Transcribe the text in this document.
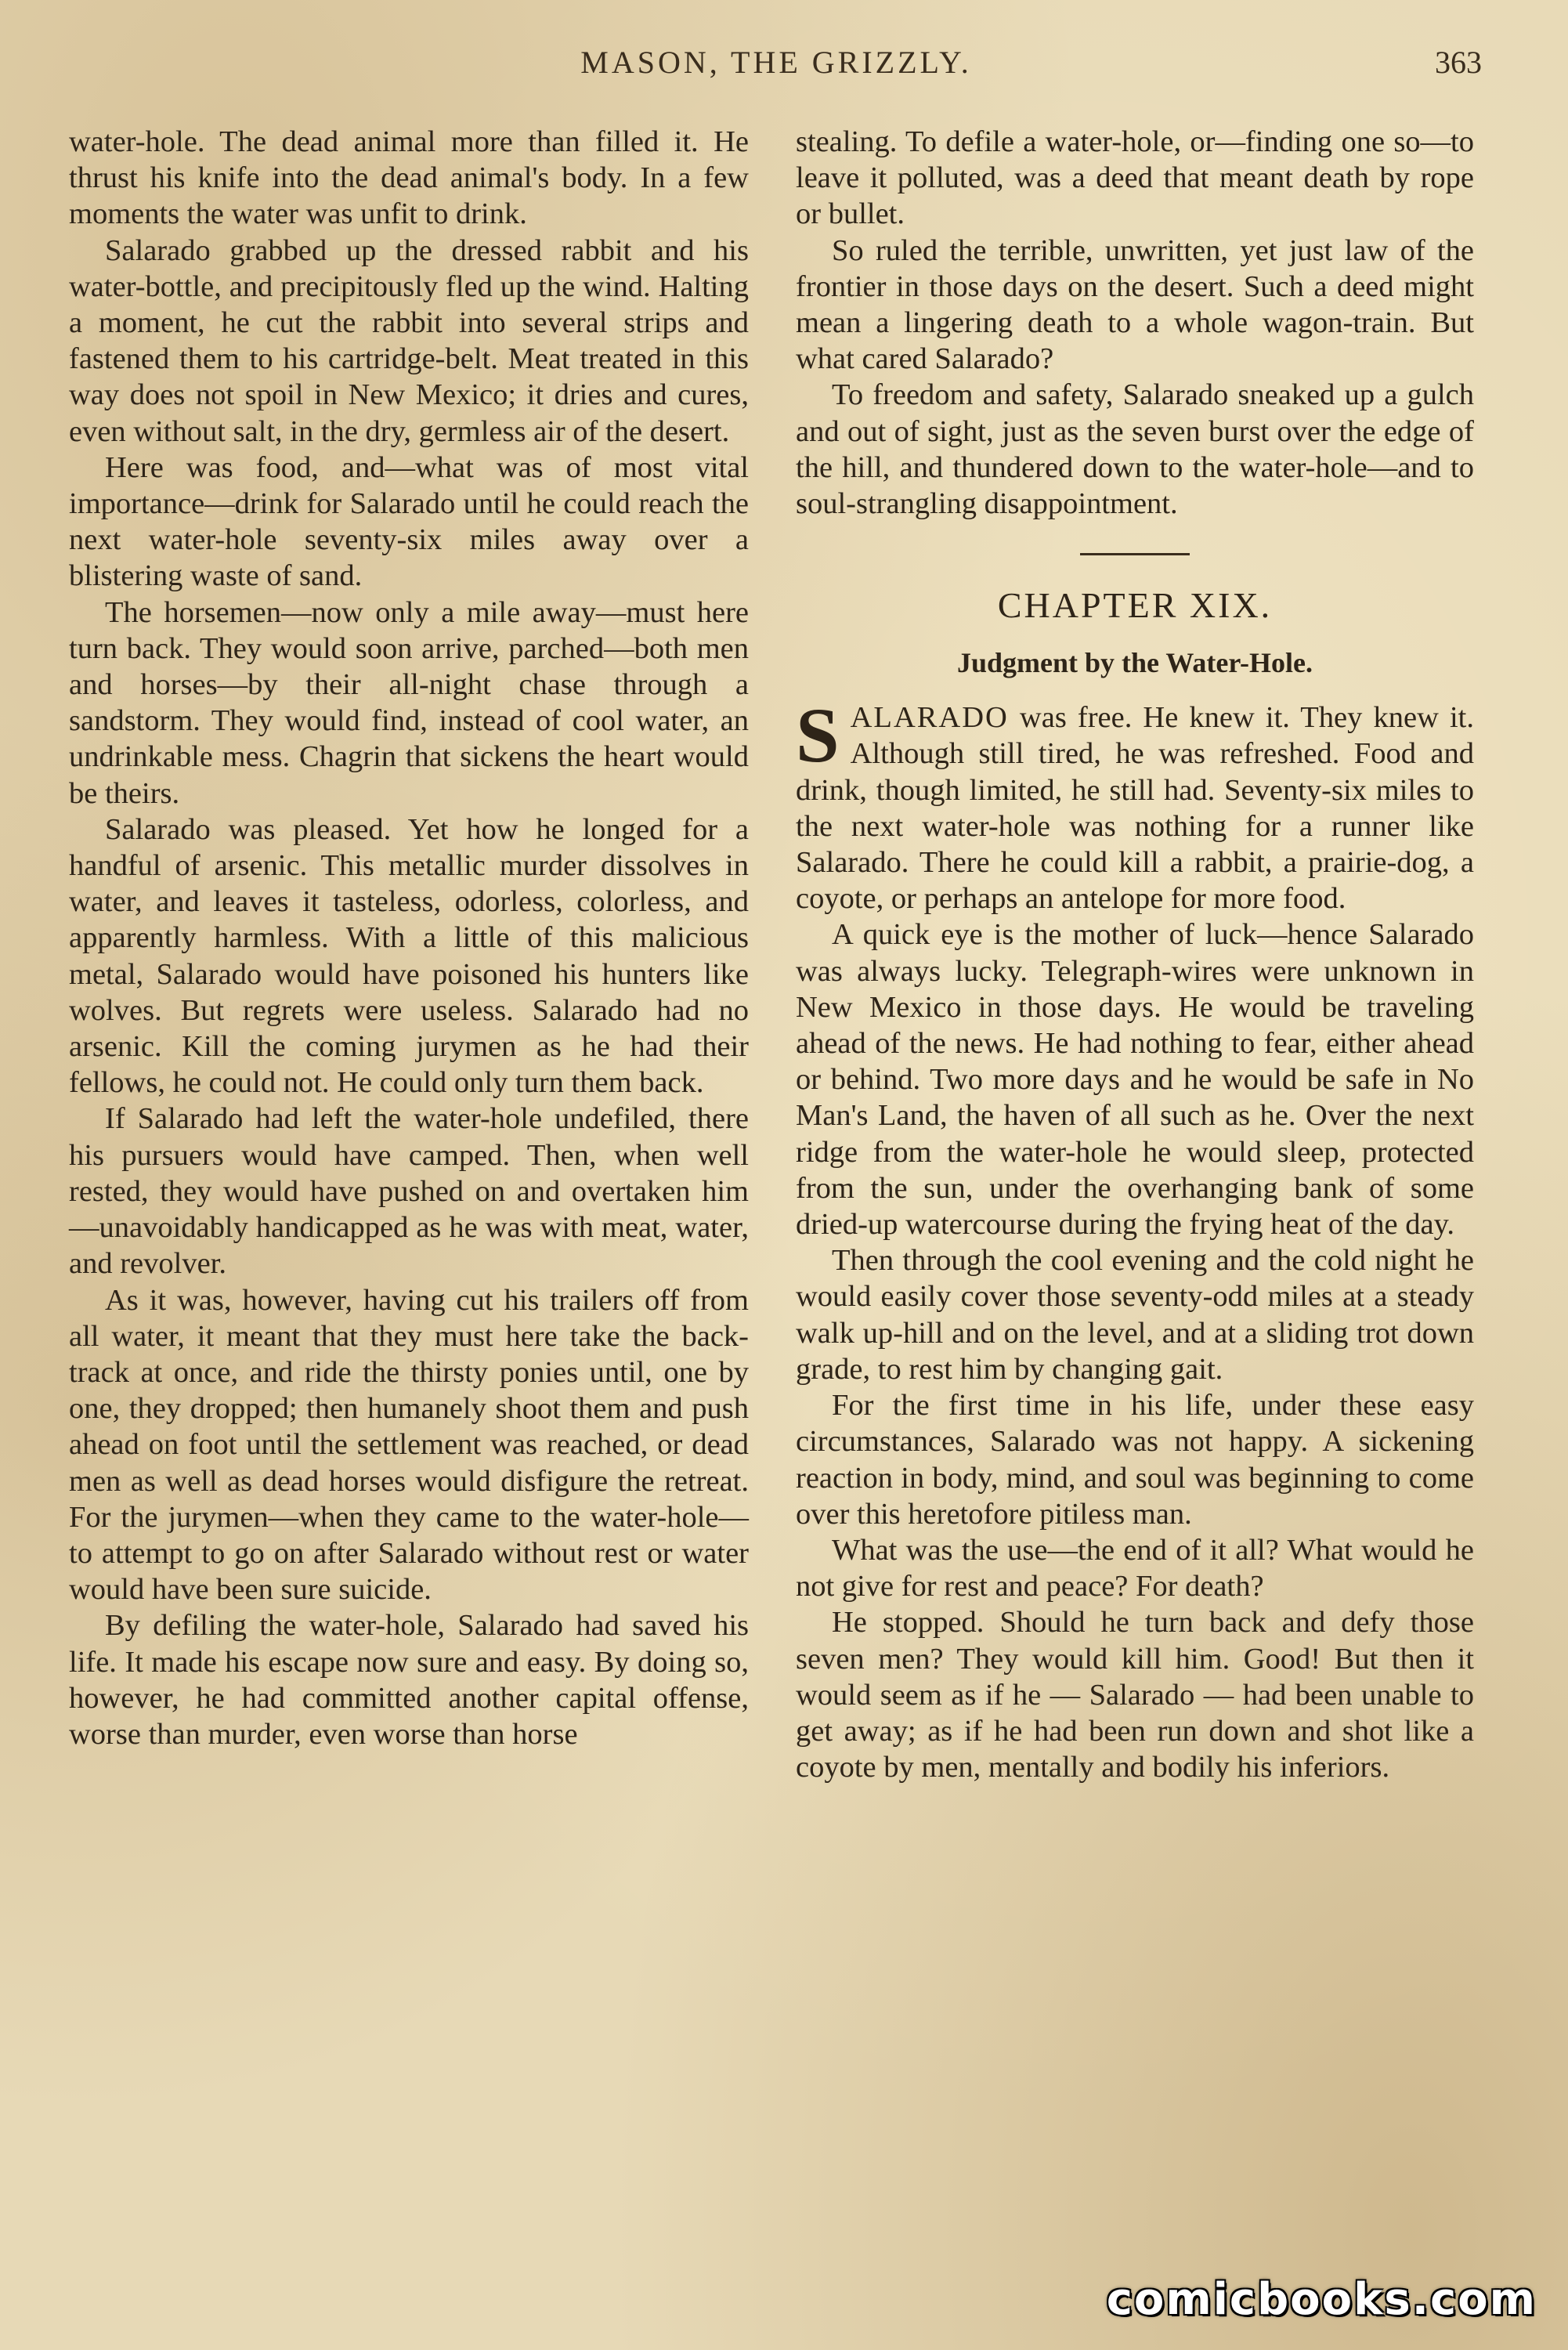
MASON, THE GRIZZLY.	363

water-hole. The dead animal more than filled it. He thrust his knife into the dead animal's body. In a few moments the water was unfit to drink.

Salarado grabbed up the dressed rabbit and his water-bottle, and precipitously fled up the wind. Halting a moment, he cut the rabbit into several strips and fastened them to his cartridge-belt. Meat treated in this way does not spoil in New Mexico; it dries and cures, even without salt, in the dry, germless air of the desert.

Here was food, and—what was of most vital importance—drink for Salarado until he could reach the next water-hole seventy-six miles away over a blistering waste of sand.

The horsemen—now only a mile away—must here turn back. They would soon arrive, parched—both men and horses—by their all-night chase through a sandstorm. They would find, instead of cool water, an undrinkable mess. Chagrin that sickens the heart would be theirs.

Salarado was pleased. Yet how he longed for a handful of arsenic. This metallic murder dissolves in water, and leaves it tasteless, odorless, colorless, and apparently harmless. With a little of this malicious metal, Salarado would have poisoned his hunters like wolves. But regrets were useless. Salarado had no arsenic. Kill the coming jurymen as he had their fellows, he could not. He could only turn them back.

If Salarado had left the water-hole undefiled, there his pursuers would have camped. Then, when well rested, they would have pushed on and overtaken him —unavoidably handicapped as he was with meat, water, and revolver.

As it was, however, having cut his trailers off from all water, it meant that they must here take the back-track at once, and ride the thirsty ponies until, one by one, they dropped; then humanely shoot them and push ahead on foot until the settlement was reached, or dead men as well as dead horses would disfigure the retreat. For the jurymen—when they came to the water-hole—to attempt to go on after Salarado without rest or water would have been sure suicide.

By defiling the water-hole, Salarado had saved his life. It made his escape now sure and easy. By doing so, however, he had committed another capital offense, worse than murder, even worse than horse

stealing. To defile a water-hole, or—finding one so—to leave it polluted, was a deed that meant death by rope or bullet.

So ruled the terrible, unwritten, yet just law of the frontier in those days on the desert. Such a deed might mean a lingering death to a whole wagon-train. But what cared Salarado?

To freedom and safety, Salarado sneaked up a gulch and out of sight, just as the seven burst over the edge of the hill, and thundered down to the water-hole—and to soul-strangling disappointment.

CHAPTER XIX.
Judgment by the Water-Hole.

SALARADO was free. He knew it. They knew it. Although still tired, he was refreshed. Food and drink, though limited, he still had. Seventy-six miles to the next water-hole was nothing for a runner like Salarado. There he could kill a rabbit, a prairie-dog, a coyote, or perhaps an antelope for more food.

A quick eye is the mother of luck—hence Salarado was always lucky. Telegraph-wires were unknown in New Mexico in those days. He would be traveling ahead of the news. He had nothing to fear, either ahead or behind. Two more days and he would be safe in No Man's Land, the haven of all such as he. Over the next ridge from the water-hole he would sleep, protected from the sun, under the overhanging bank of some dried-up watercourse during the frying heat of the day.

Then through the cool evening and the cold night he would easily cover those seventy-odd miles at a steady walk up-hill and on the level, and at a sliding trot down grade, to rest him by changing gait.

For the first time in his life, under these easy circumstances, Salarado was not happy. A sickening reaction in body, mind, and soul was beginning to come over this heretofore pitiless man.

What was the use—the end of it all? What would he not give for rest and peace? For death?

He stopped. Should he turn back and defy those seven men? They would kill him. Good! But then it would seem as if he — Salarado — had been unable to get away; as if he had been run down and shot like a coyote by men, mentally and bodily his inferiors.

comicbooks.com
